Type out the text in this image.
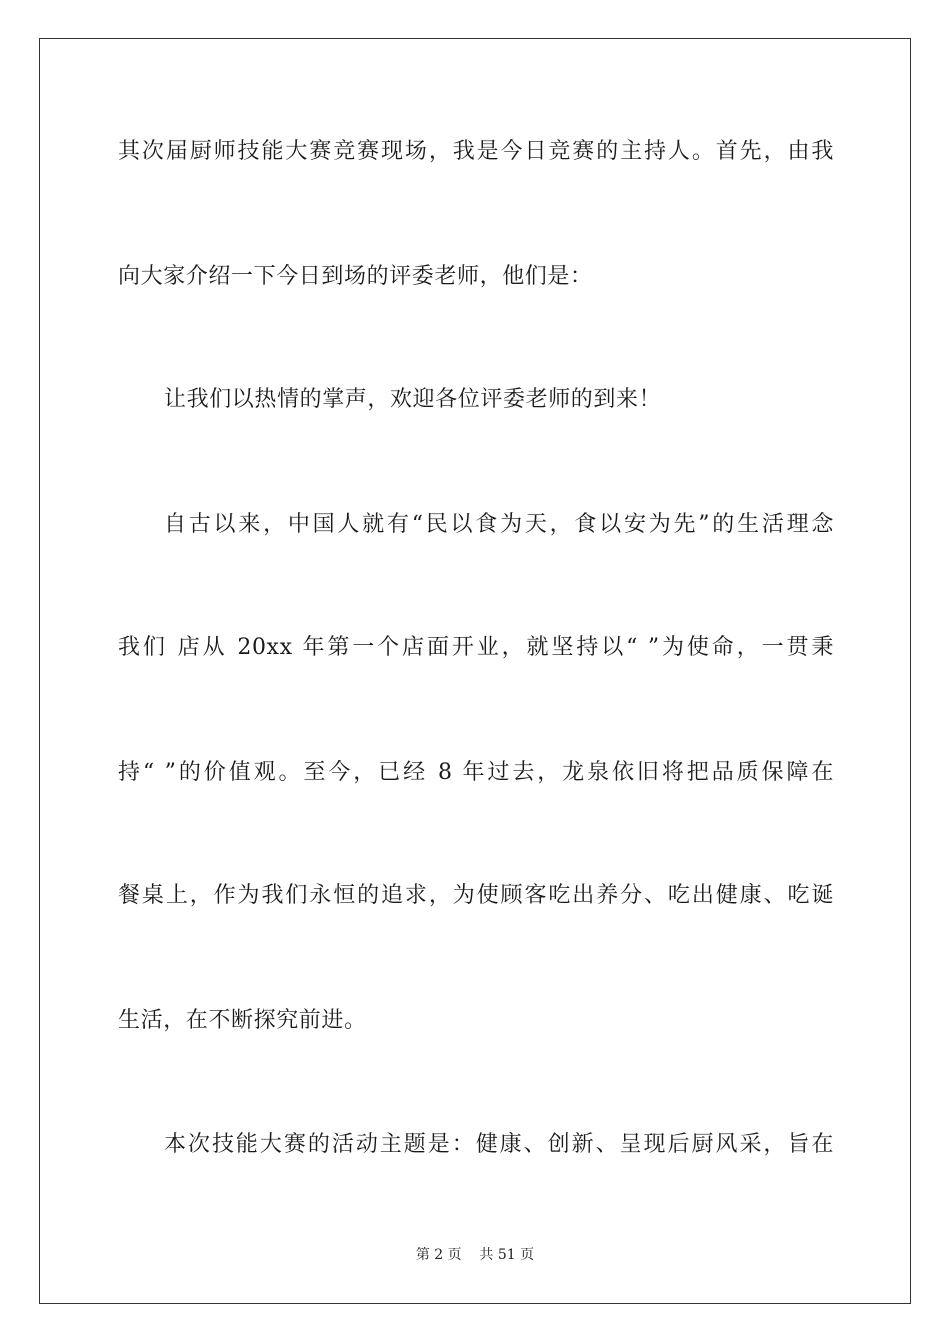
其次届厨师技能大赛竞赛现场，我是今日竞赛的主持人。首先，由我
向大家介绍一下今日到场的评委老师，他们是：
让我们以热情的掌声，欢迎各位评委老师的到来！
自古以来，中国人就有“民以食为天，食以安为先”的生活理念
我们 店从 20xx 年第一个店面开业，就坚持以“ ”为使命，一贯秉
持“ ”的价值观。至今，已经 8 年过去，龙泉依旧将把品质保障在
餐桌上，作为我们永恒的追求，为使顾客吃出养分、吃出健康、吃诞
生活，在不断探究前进。
本次技能大赛的活动主题是：健康、创新、呈现后厨风采，旨在
第 2 页    共 51 页
